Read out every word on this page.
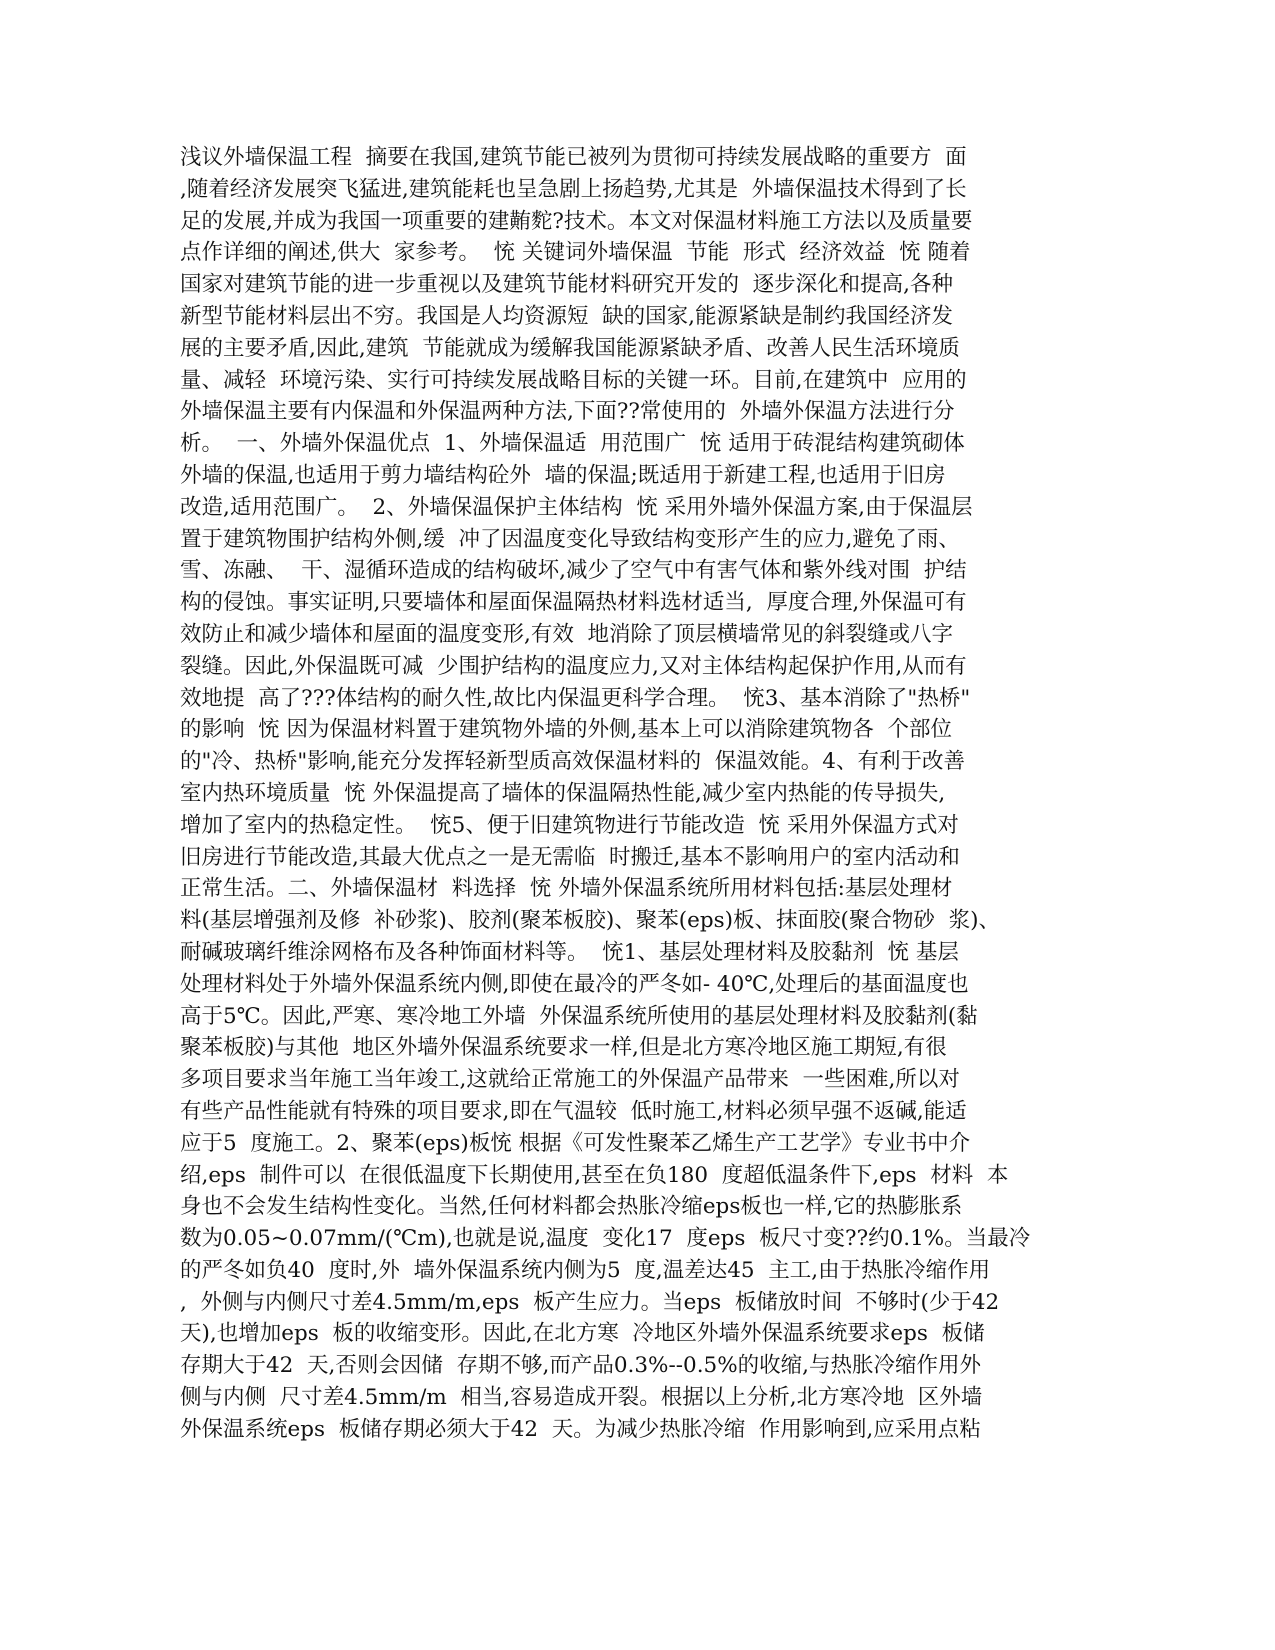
浅议外墙保温工程  摘要在我国,建筑节能已被列为贯彻可持续发展战略的重要方  面
,随着经济发展突飞猛进,建筑能耗也呈急剧上扬趋势,尤其是  外墙保温技术得到了长
足的发展,并成为我国一项重要的建䵋䴱?技术。本文对保温材料施工方法以及质量要
点作详细的阐述,供大  家参考。  㤝 关键词外墙保温  节能  形式  经济效益  㤝 随着
国家对建筑节能的进一步重视以及建筑节能材料研究开发的  逐步深化和提高,各种
新型节能材料层出不穷。我国是人均资源短  缺的国家,能源紧缺是制约我国经济发
展的主要矛盾,因此,建筑  节能就成为缓解我国能源紧缺矛盾、改善人民生活环境质
量、减轻  环境污染、实行可持续发展战略目标的关键一环。目前,在建筑中  应用的
外墙保温主要有内保温和外保温两种方法,下面??常使用的  外墙外保温方法进行分
析。  一、外墙外保温优点  1、外墙保温适  用范围广  㤝 适用于砖混结构建筑砌体
外墙的保温,也适用于剪力墙结构砼外  墙的保温;既适用于新建工程,也适用于旧房
改造,适用范围广。  2、外墙保温保护主体结构  㤝 采用外墙外保温方案,由于保温层
置于建筑物围护结构外侧,缓  冲了因温度变化导致结构变形产生的应力,避免了雨、
雪、冻融、  干、湿循环造成的结构破坏,减少了空气中有害气体和紫外线对围  护结
构的侵蚀。事实证明,只要墙体和屋面保温隔热材料选材适当,  厚度合理,外保温可有
效防止和减少墙体和屋面的温度变形,有效  地消除了顶层横墙常见的斜裂缝或八字
裂缝。因此,外保温既可减  少围护结构的温度应力,又对主体结构起保护作用,从而有
效地提  高了???体结构的耐久性,故比内保温更科学合理。  㤝3、基本消除了"热桥"
的影响  㤝 因为保温材料置于建筑物外墙的外侧,基本上可以消除建筑物各  个部位
的"冷、热桥"影响,能充分发挥轻新型质高效保温材料的  保温效能。4、有利于改善
室内热环境质量  㤝 外保温提高了墙体的保温隔热性能,减少室内热能的传导损失,
增加了室内的热稳定性。  㤝5、便于旧建筑物进行节能改造  㤝 采用外保温方式对
旧房进行节能改造,其最大优点之一是无需临  时搬迁,基本不影响用户的室内活动和
正常生活。二、外墙保温材  料选择  㤝 外墙外保温系统所用材料包括:基层处理材
料(基层增强剂及修  补砂浆)、胶剂(聚苯板胶)、聚苯(eps)板、抹面胶(聚合物砂  浆)、
耐碱玻璃纤维涂网格布及各种饰面材料等。  㤝1、基层处理材料及胶黏剂  㤝 基层
处理材料处于外墙外保温系统内侧,即使在最冷的严冬如- 40℃,处理后的基面温度也
高于5℃。因此,严寒、寒冷地工外墙  外保温系统所使用的基层处理材料及胶黏剂(黏
聚苯板胶)与其他  地区外墙外保温系统要求一样,但是北方寒冷地区施工期短,有很
多项目要求当年施工当年竣工,这就给正常施工的外保温产品带来  一些困难,所以对
有些产品性能就有特殊的项目要求,即在气温较  低时施工,材料必须早强不返碱,能适
应于5  度施工。2、聚苯(eps)板㤝 根据《可发性聚苯乙烯生产工艺学》专业书中介
绍,eps  制件可以  在很低温度下长期使用,甚至在负180  度超低温条件下,eps  材料  本
身也不会发生结构性变化。当然,任何材料都会热胀冷缩eps板也一样,它的热膨胀系
数为0.05~0.07mm/(℃m),也就是说,温度  变化17  度eps  板尺寸变??约0.1%。当最冷
的严冬如负40  度时,外  墙外保温系统内侧为5  度,温差达45  主工,由于热胀冷缩作用
,  外侧与内侧尺寸差4.5mm/m,eps  板产生应力。当eps  板储放时间  不够时(少于42
天),也增加eps  板的收缩变形。因此,在北方寒  冷地区外墙外保温系统要求eps  板储
存期大于42  天,否则会因储  存期不够,而产品0.3%--0.5%的收缩,与热胀冷缩作用外
侧与内侧  尺寸差4.5mm/m  相当,容易造成开裂。根据以上分析,北方寒冷地  区外墙
外保温系统eps  板储存期必须大于42  天。为减少热胀冷缩  作用影响到,应采用点粘
